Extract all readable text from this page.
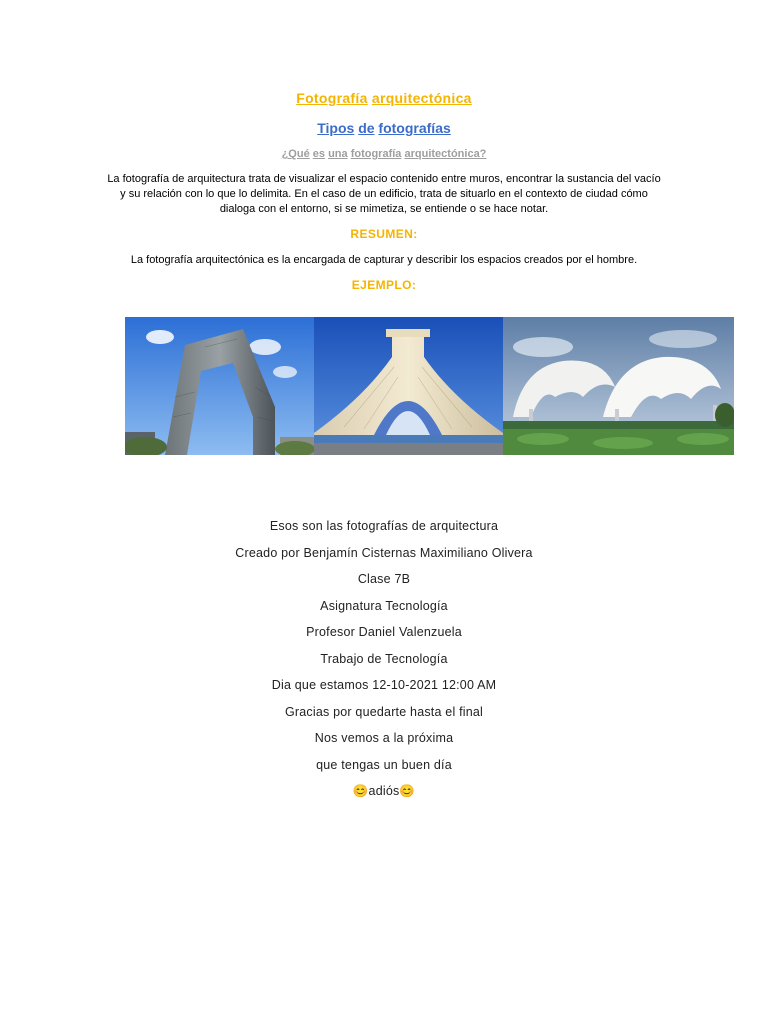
Fotografía arquitectónica
Tipos de fotografías
¿Qué es una fotografía arquitectónica?
La fotografía de arquitectura trata de visualizar el espacio contenido entre muros, encontrar la sustancia del vacío y su relación con lo que lo delimita. En el caso de un edificio, trata de situarlo en el contexto de ciudad cómo dialoga con el entorno, si se mimetiza, se entiende o se hace notar.
RESUMEN:
La fotografía arquitectónica es la encargada de capturar y describir los espacios creados por el hombre.
EJEMPLO:
Esos son las fotografías de arquitectura
Creado por Benjamín Cisternas Maximiliano Olivera
Clase 7B
Asignatura Tecnología
Profesor Daniel Valenzuela
Trabajo de Tecnología
Dia que estamos 12-10-2021 12:00 AM
Gracias por quedarte hasta el final
Nos vemos a la próxima
que tengas un buen día
😊adiós😊
